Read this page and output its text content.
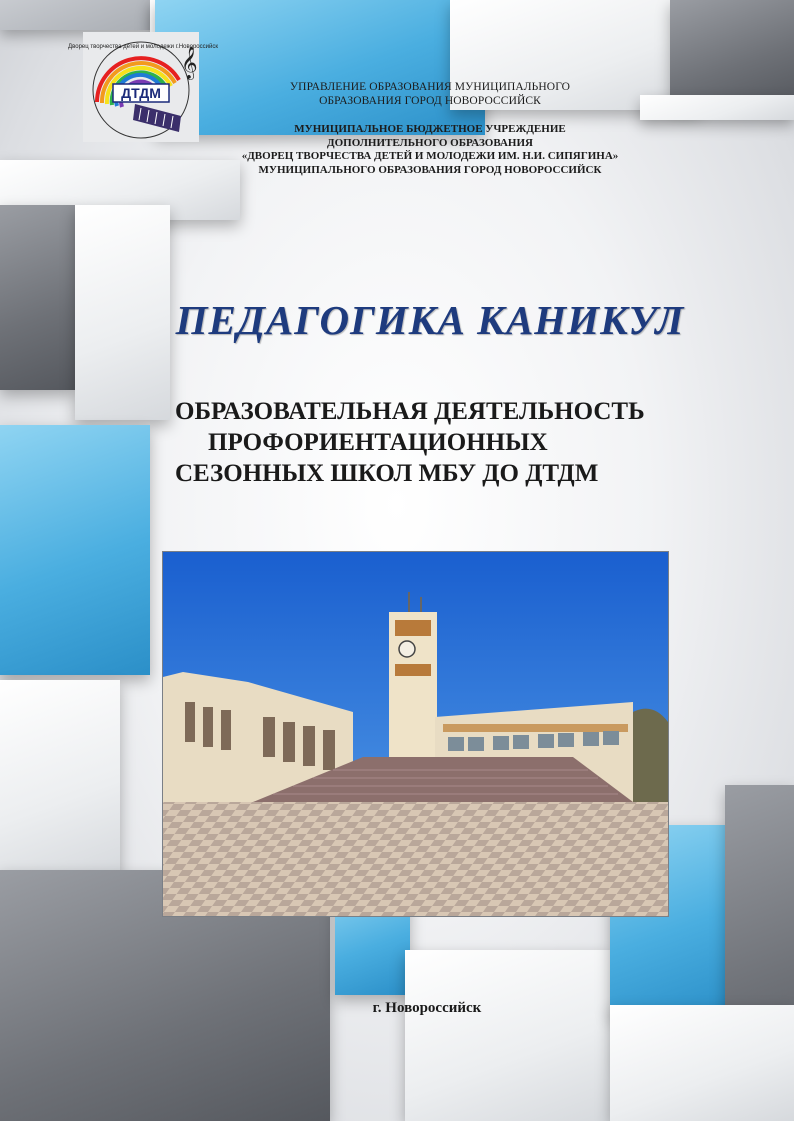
ДТДМ
𝄞
Дворец творчества детей и молодежи г.Новороссийск
УПРАВЛЕНИЕ ОБРАЗОВАНИЯ МУНИЦИПАЛЬНОГО
ОБРАЗОВАНИЯ ГОРОД НОВОРОССИЙСК
МУНИЦИПАЛЬНОЕ БЮДЖЕТНОЕ УЧРЕЖДЕНИЕ
ДОПОЛНИТЕЛЬНОГО ОБРАЗОВАНИЯ
«ДВОРЕЦ ТВОРЧЕСТВА ДЕТЕЙ И МОЛОДЕЖИ ИМ. Н.И. СИПЯГИНА»
МУНИЦИПАЛЬНОГО ОБРАЗОВАНИЯ ГОРОД НОВОРОССИЙСК
ПЕДАГОГИКА КАНИКУЛ
ОБРАЗОВАТЕЛЬНАЯ ДЕЯТЕЛЬНОСТЬ
ПРОФОРИЕНТАЦИОННЫХ
СЕЗОННЫХ ШКОЛ МБУ ДО ДТДМ

г. Новороссийск
